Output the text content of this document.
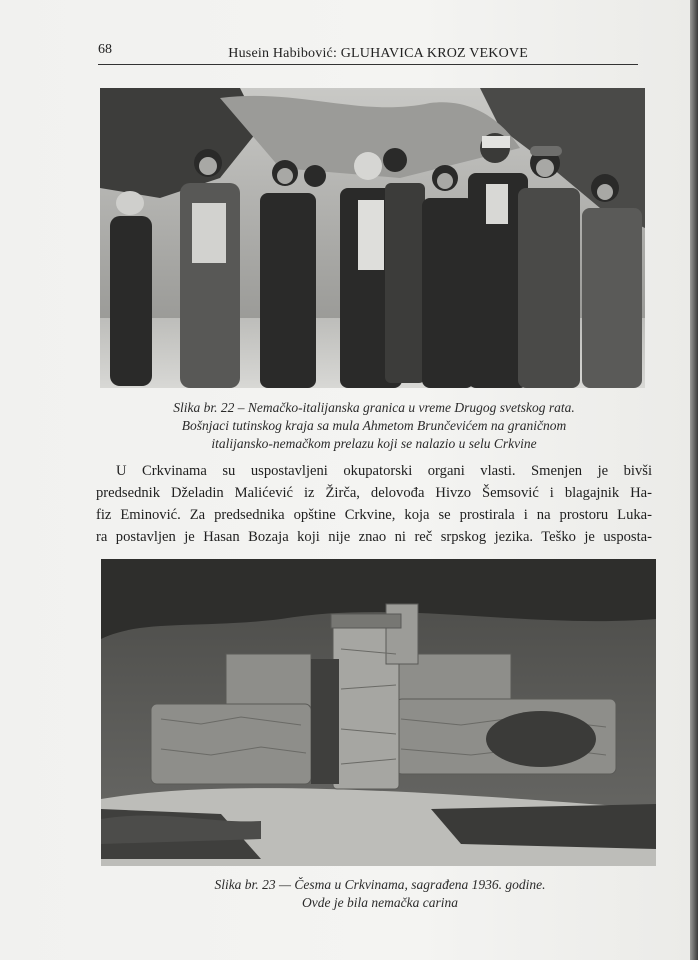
68	Husein Habibović: GLUHAVICA KROZ VEKOVE
Slika br. 22 – Nemačko-italijanska granica u vreme Drugog svetskog rata.
Bošnjaci tutinskog kraja sa mula Ahmetom Brunčevićem na graničnom
italijansko-nemačkom prelazu koji se nalazio u selu Crkvine
U Crkvinama su uspostavljeni okupatorski organi vlasti. Smenjen je bivši
predsednik Dželadin Malićević iz Žirča, delovođa Hivzo Šemsović i blagajnik Ha-
fiz Eminović. Za predsednika opštine Crkvine, koja se prostirala i na prostoru Luka-
ra postavljen je Hasan Bozaja koji nije znao ni reč srpskog jezika. Teško je usposta-
Slika br. 23 — Česma u Crkvinama, sagrađena 1936. godine.
Ovde je bila nemačka carina
